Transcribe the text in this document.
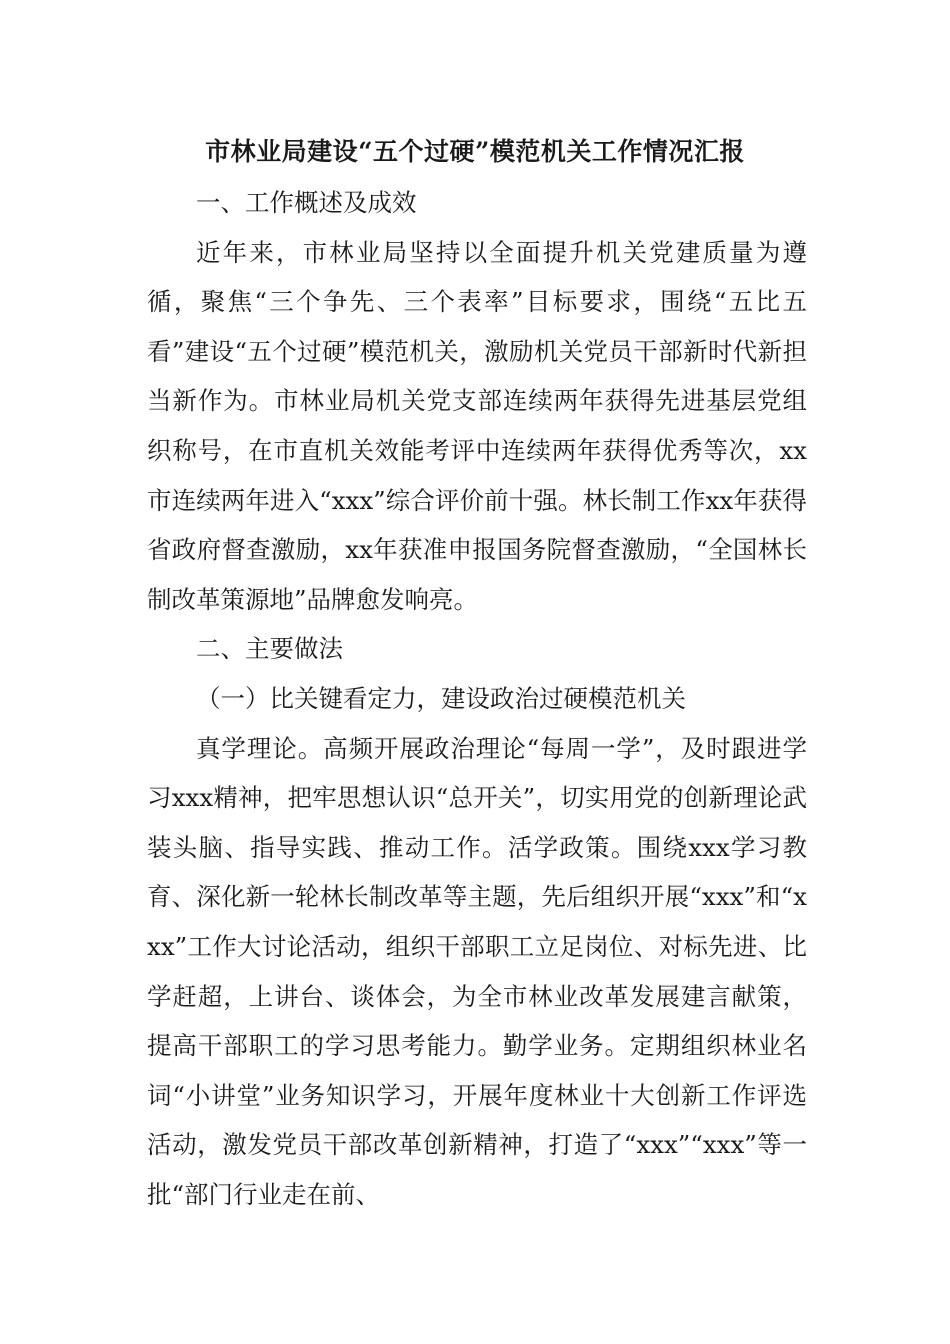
市林业局建设“五个过硬”模范机关工作情况汇报

一、工作概述及成效

近年来，市林业局坚持以全面提升机关党建质量为遵循，聚焦“三个争先、三个表率”目标要求，围绕“五比五看”建设“五个过硬”模范机关，激励机关党员干部新时代新担当新作为。市林业局机关党支部连续两年获得先进基层党组织称号，在市直机关效能考评中连续两年获得优秀等次，xx市连续两年进入“xxx”综合评价前十强。林长制工作xx年获得省政府督查激励，xx年获准申报国务院督查激励，“全国林长制改革策源地”品牌愈发响亮。

二、主要做法

（一）比关键看定力，建设政治过硬模范机关

真学理论。高频开展政治理论“每周一学”，及时跟进学习xxx精神，把牢思想认识“总开关”，切实用党的创新理论武装头脑、指导实践、推动工作。活学政策。围绕xxx学习教育、深化新一轮林长制改革等主题，先后组织开展“xxx”和“xxx”工作大讨论活动，组织干部职工立足岗位、对标先进、比学赶超，上讲台、谈体会，为全市林业改革发展建言献策，提高干部职工的学习思考能力。勤学业务。定期组织林业名词“小讲堂”业务知识学习，开展年度林业十大创新工作评选活动，激发党员干部改革创新精神，打造了“xxx”“xxx”等一批“部门行业走在前、
